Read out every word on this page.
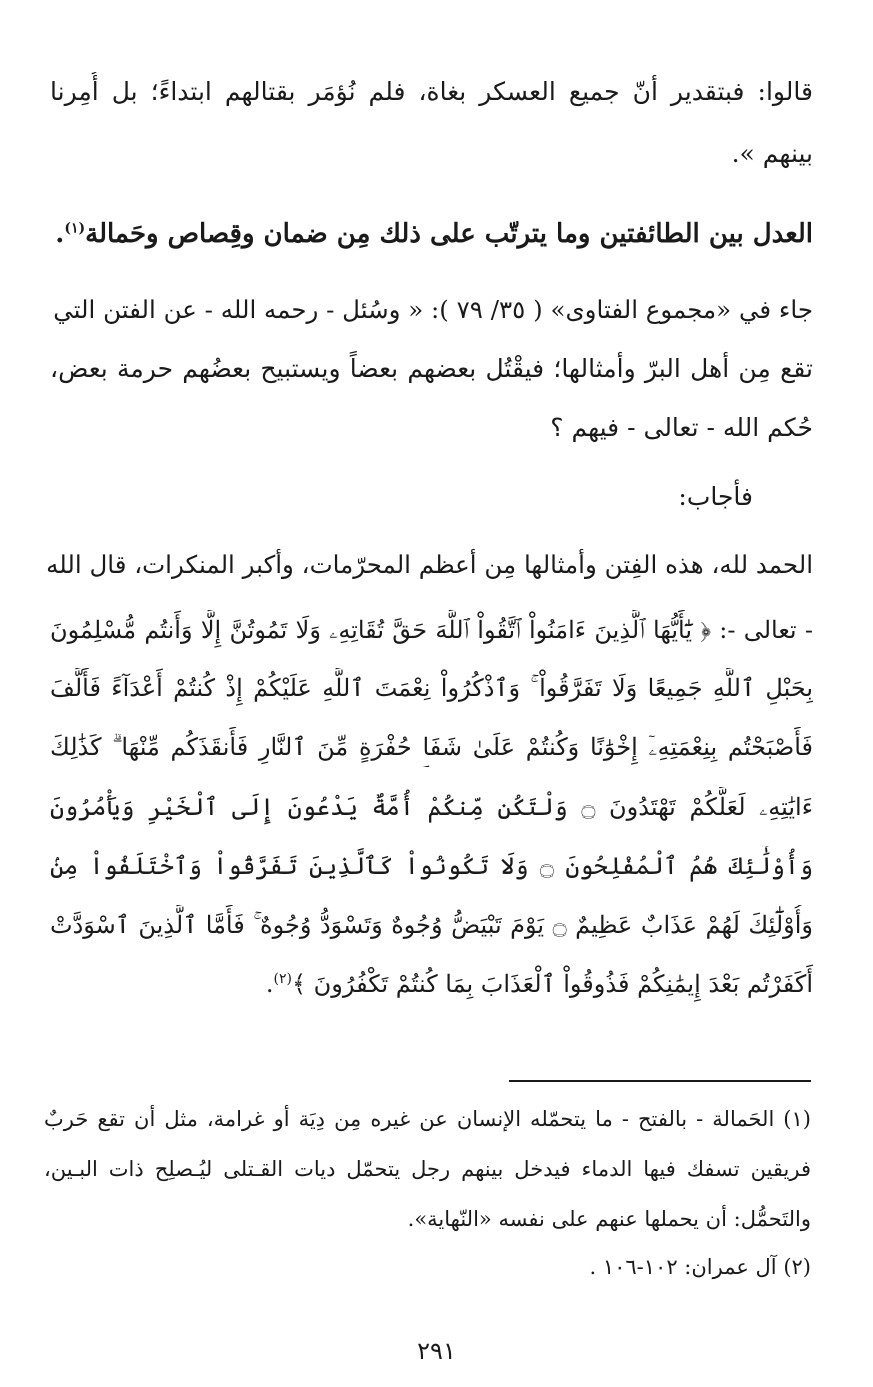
قالوا: فبتقدير أنّ جميع العسكر بغاة، فلم نُؤمَر بقتالهم ابتداءً؛ بل أُمِرنا
بينهم ».
العدل بين الطائفتين وما يترتّب على ذلك مِن ضمان وقِصاص وحَمالة$^{(١)}$.
جاء في «مجموع الفتاوى» ( ٣٥/ ٧٩ ): « وسُئل - رحمه الله - عن الفتن التي
تقع مِن أهل البرّ وأمثالها؛ فيقْتُل بعضهم بعضاً ويستبيح بعضُهم حرمة بعض،
حُكم الله - تعالى - فيهم ؟
فأجاب:
الحمد لله، هذه الفِتن وأمثالها مِن أعظم المحرّمات، وأكبر المنكرات، قال الله
- تعالى -: ﴿ يَٰٓأَيُّهَا ٱلَّذِينَ ءَامَنُواْ ٱتَّقُواْ ٱللَّهَ حَقَّ تُقَاتِهِۦ وَلَا تَمُوتُنَّ إِلَّا وَأَنتُم مُّسْلِمُونَ
بِحَبْلِ ٱللَّهِ جَمِيعًا وَلَا تَفَرَّقُواْ ۚ وَٱذْكُرُواْ نِعْمَتَ ٱللَّهِ عَلَيْكُمْ إِذْ كُنتُمْ أَعْدَآءً فَأَلَّفَ
فَأَصْبَحْتُم بِنِعْمَتِهِۦٓ إِخْوَٰنًا وَكُنتُمْ عَلَىٰ شَفَا حُفْرَةٍ مِّنَ ٱلنَّارِ فَأَنقَذَكُم مِّنْهَا ۗ كَذَٰلِكَ
ءَايَٰتِهِۦ لَعَلَّكُمْ تَهْتَدُونَ ۝ وَلْتَكُن مِّنكُمْ أُمَّةٌ يَدْعُونَ إِلَى ٱلْخَيْرِ وَيَأْمُرُونَ
وَأُوْلَٰٓئِكَ هُمُ ٱلْمُفْلِحُونَ ۝ وَلَا تَكُونُواْ كَٱلَّذِينَ تَفَرَّقُواْ وَٱخْتَلَفُواْ مِنۢ
وَأُوْلَٰٓئِكَ لَهُمْ عَذَابٌ عَظِيمٌ ۝ يَوْمَ تَبْيَضُّ وُجُوهٌ وَتَسْوَدُّ وُجُوهٌ ۚ فَأَمَّا ٱلَّذِينَ ٱسْوَدَّتْ
أَكَفَرْتُم بَعْدَ إِيمَٰنِكُمْ فَذُوقُواْ ٱلْعَذَابَ بِمَا كُنتُمْ تَكْفُرُونَ ﴾$^{(٢)}$.
(١) الحَمالة - بالفتح - ما يتحمّله الإنسان عن غيره مِن دِيَة أو غرامة، مثل أن تقع حَربٌ
فريقين تسفك فيها الدماء فيدخل بينهم رجل يتحمّل ديات القـتلى ليُـصلِح ذات البـين،
والتَحمُّل: أن يحملها عنهم على نفسه «النّهاية».
(٢) آل عمران: ١٠٢-١٠٦ .
٢٩١
